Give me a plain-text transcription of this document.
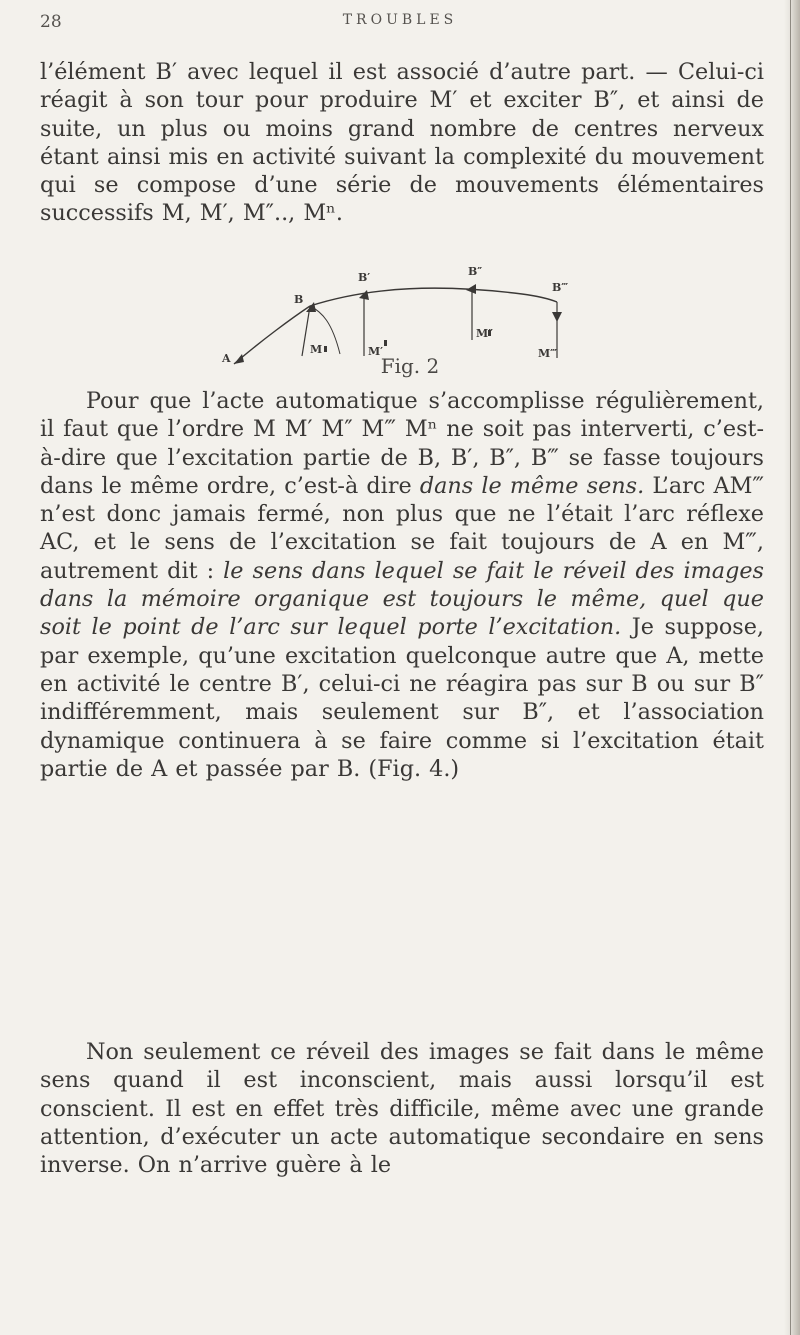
28	TROUBLES

l’élément B′ avec lequel il est associé d’autre part. — Celui-ci réagit à son tour pour produire M′ et exciter B″, et ainsi de suite, un plus ou moins grand nombre de centres nerveux étant ainsi mis en activité suivant la complexité du mouvement qui se compose d’une série de mouvements élémentaires successifs M, M′, M″.., Mⁿ.

A
B
B′	B″
B‴
M	M′
M″
M‴
Fig. 2

Pour que l’acte automatique s’accomplisse régulièrement, il faut que l’ordre M M′ M″ M‴ Mⁿ ne soit pas interverti, c’est-à-dire que l’excitation partie de B, B′, B″, B‴ se fasse toujours dans le même ordre, c’est-à dire dans le même sens. L’arc AM‴ n’est donc jamais fermé, non plus que ne l’était l’arc réflexe AC, et le sens de l’excitation se fait toujours de A en M‴, autrement dit : le sens dans lequel se fait le réveil des images dans la mémoire organique est toujours le même, quel que soit le point de l’arc sur lequel porte l’excitation. Je suppose, par exemple, qu’une excitation quelconque autre que A, mette en activité le centre B′, celui-ci ne réagira pas sur B ou sur B″ indifféremment, mais seulement sur B″, et l’association dynamique continuera à se faire comme si l’excitation était partie de A et passée par B. (Fig. 4.)

Non seulement ce réveil des images se fait dans le même sens quand il est inconscient, mais aussi lorsqu’il est conscient. Il est en effet très difficile, même avec une grande attention, d’exécuter un acte automatique secondaire en sens inverse. On n’arrive guère à le
